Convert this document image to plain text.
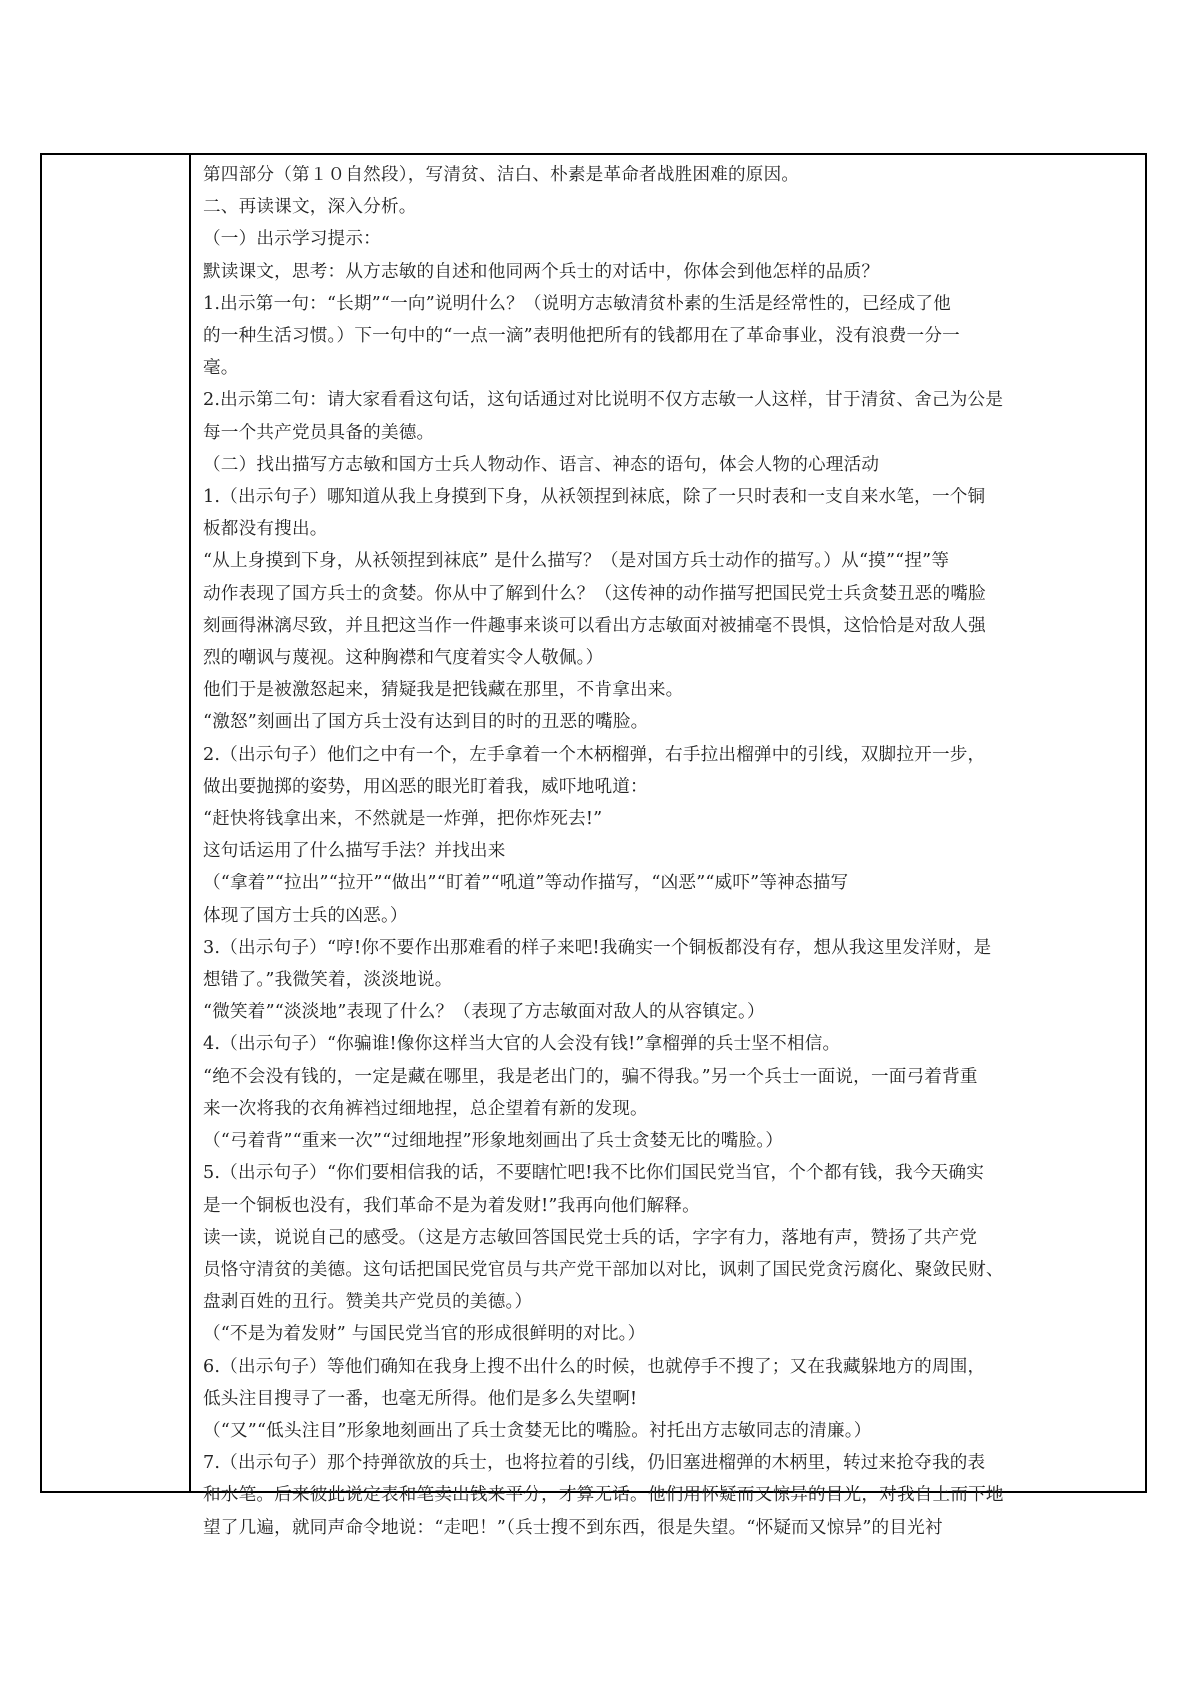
第四部分（第１０自然段），写清贫、洁白、朴素是革命者战胜困难的原因。

二、再读课文，深入分析。

（一）出示学习提示：

默读课文，思考：从方志敏的自述和他同两个兵士的对话中，你体会到他怎样的品质？

1.出示第一句：“长期”“一向”说明什么？（说明方志敏清贫朴素的生活是经常性的，已经成了他

的一种生活习惯。）下一句中的“一点一滴”表明他把所有的钱都用在了革命事业，没有浪费一分一

毫。

2.出示第二句：请大家看看这句话，这句话通过对比说明不仅方志敏一人这样，甘于清贫、舍己为公是

每一个共产党员具备的美德。

（二）找出描写方志敏和国方士兵人物动作、语言、神态的语句，体会人物的心理活动

1.（出示句子）哪知道从我上身摸到下身，从袄领捏到袜底，除了一只时表和一支自来水笔，一个铜

板都没有搜出。

“从上身摸到下身，从袄领捏到袜底” 是什么描写？（是对国方兵士动作的描写。）从“摸”“捏”等

动作表现了国方兵士的贪婪。你从中了解到什么？（这传神的动作描写把国民党士兵贪婪丑恶的嘴脸

刻画得淋漓尽致，并且把这当作一件趣事来谈可以看出方志敏面对被捕毫不畏惧，这恰恰是对敌人强

烈的嘲讽与蔑视。这种胸襟和气度着实令人敬佩。）

他们于是被激怒起来，猜疑我是把钱藏在那里，不肯拿出来。

“激怒”刻画出了国方兵士没有达到目的时的丑恶的嘴脸。

2.（出示句子）他们之中有一个，左手拿着一个木柄榴弹，右手拉出榴弹中的引线，双脚拉开一步，

做出要抛掷的姿势，用凶恶的眼光盯着我，威吓地吼道：

“赶快将钱拿出来，不然就是一炸弹，把你炸死去!”

这句话运用了什么描写手法？并找出来

（“拿着”“拉出”“拉开”“做出”“盯着”“吼道”等动作描写，“凶恶”“威吓”等神态描写

体现了国方士兵的凶恶。）

3.（出示句子）“哼!你不要作出那难看的样子来吧!我确实一个铜板都没有存，想从我这里发洋财，是

想错了。”我微笑着，淡淡地说。

“微笑着”“淡淡地”表现了什么？（表现了方志敏面对敌人的从容镇定。）

4.（出示句子）“你骗谁!像你这样当大官的人会没有钱!”拿榴弹的兵士坚不相信。

“绝不会没有钱的，一定是藏在哪里，我是老出门的，骗不得我。”另一个兵士一面说，一面弓着背重

来一次将我的衣角裤裆过细地捏，总企望着有新的发现。

（“弓着背”“重来一次”“过细地捏”形象地刻画出了兵士贪婪无比的嘴脸。）

5.（出示句子）“你们要相信我的话，不要瞎忙吧!我不比你们国民党当官，个个都有钱，我今天确实

是一个铜板也没有，我们革命不是为着发财!”我再向他们解释。

读一读，说说自己的感受。（这是方志敏回答国民党士兵的话，字字有力，落地有声，赞扬了共产党

员恪守清贫的美德。这句话把国民党官员与共产党干部加以对比，讽刺了国民党贪污腐化、聚敛民财、

盘剥百姓的丑行。赞美共产党员的美德。）

（“不是为着发财” 与国民党当官的形成很鲜明的对比。）

6.（出示句子）等他们确知在我身上搜不出什么的时候，也就停手不搜了；又在我藏躲地方的周围，

低头注目搜寻了一番，也毫无所得。他们是多么失望啊!

（“又”“低头注目”形象地刻画出了兵士贪婪无比的嘴脸。衬托出方志敏同志的清廉。）

7.（出示句子）那个持弹欲放的兵士，也将拉着的引线，仍旧塞进榴弹的木柄里，转过来抢夺我的表

和水笔。后来彼此说定表和笔卖出钱来平分，才算无话。他们用怀疑而又惊异的目光，对我自上而下地

望了几遍，就同声命令地说：“走吧！”（兵士搜不到东西，很是失望。“怀疑而又惊异”的目光衬
